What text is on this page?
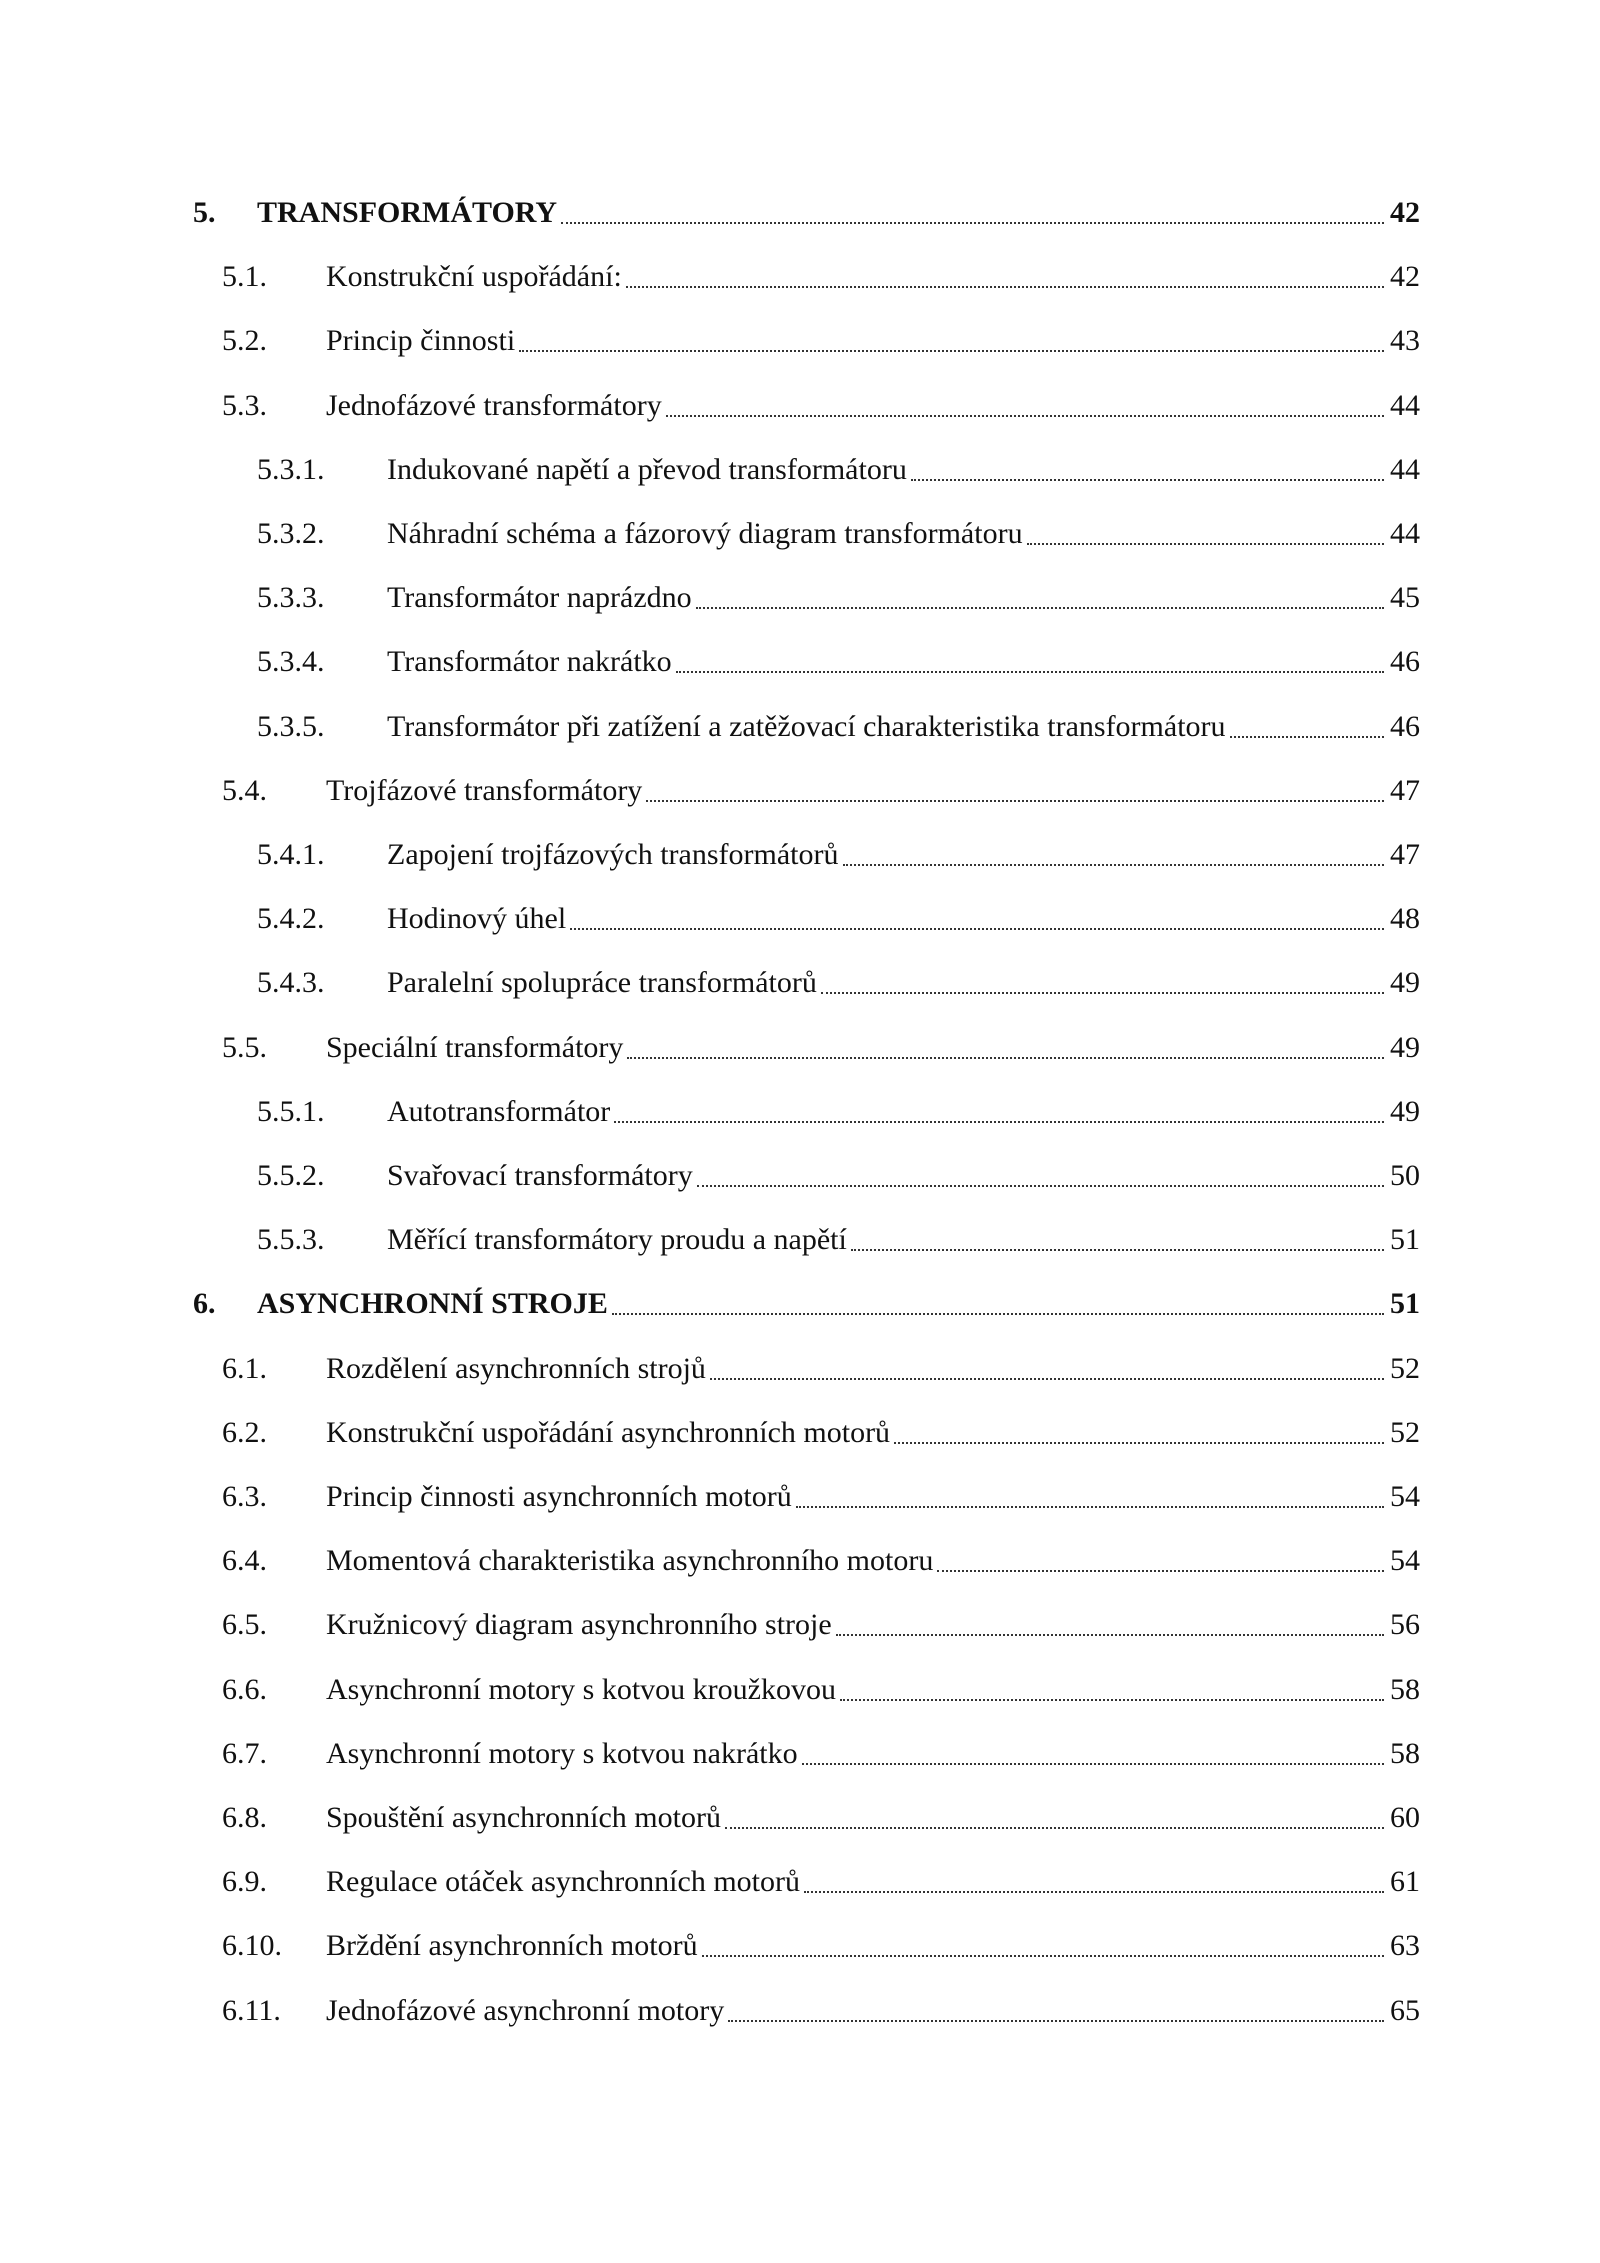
5.	TRANSFORMÁTORY	42
5.1.	Konstrukční uspořádání:	42
5.2.	Princip činnosti	43
5.3.	Jednofázové transformátory	44
5.3.1.	Indukované napětí a převod transformátoru	44
5.3.2.	Náhradní schéma a fázorový diagram transformátoru	44
5.3.3.	Transformátor naprázdno	45
5.3.4.	Transformátor nakrátko	46
5.3.5.	Transformátor při zatížení a zatěžovací charakteristika transformátoru	46
5.4.	Trojfázové transformátory	47
5.4.1.	Zapojení trojfázových transformátorů	47
5.4.2.	Hodinový úhel	48
5.4.3.	Paralelní spolupráce transformátorů	49
5.5.	Speciální transformátory	49
5.5.1.	Autotransformátor	49
5.5.2.	Svařovací transformátory	50
5.5.3.	Měřící transformátory proudu a napětí	51
6.	ASYNCHRONNÍ STROJE	51
6.1.	Rozdělení asynchronních strojů	52
6.2.	Konstrukční uspořádání asynchronních motorů	52
6.3.	Princip činnosti asynchronních motorů	54
6.4.	Momentová charakteristika asynchronního motoru	54
6.5.	Kružnicový diagram asynchronního stroje	56
6.6.	Asynchronní motory s kotvou kroužkovou	58
6.7.	Asynchronní motory s kotvou nakrátko	58
6.8.	Spouštění asynchronních motorů	60
6.9.	Regulace otáček asynchronních motorů	61
6.10.	Brždění asynchronních motorů	63
6.11.	Jednofázové asynchronní motory	65
